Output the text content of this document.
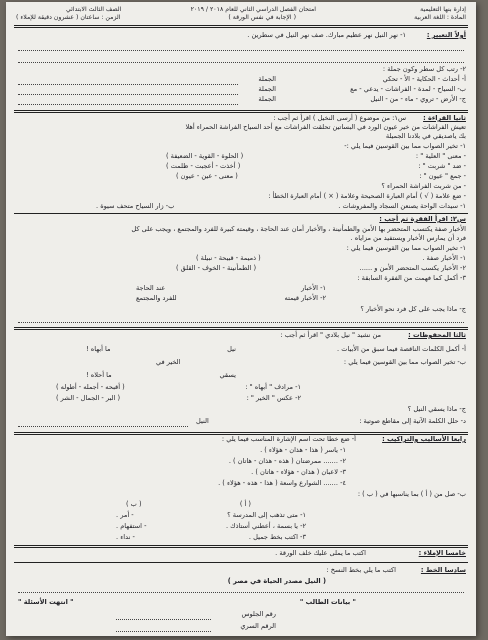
إدارة بنها التعليمية
المادة : اللغة العربية
امتحان الفصل الدراسي الثاني للعام ٢٠١٨ / ٢٠١٩
( الإجابة في نفس الورقة )
الصف الثالث الابتدائي
الزمن : ساعتان ( عشرون دقيقة للإملاء )
أولاً التعبير :
١- نهر النيل نهر عظيم مبارك. صف نهر النيل في سطرين .
٢- رتب كل سطر وكون جملة :
أ- أحداث - الحكاية - الأ - تحكي
ب- السياح - لمدة - الفراشات - يدعي - مع
ج- الأرض - تروي - ماء - من - النيل
الجملة
الجملة
الجملة
ثانيا القراءة :
س١: من موضوع ( أرسى النخيل ) اقرأ ثم أجب :
تعيش الفراشات من خير عيون الورد في البساتين تحلقت الفراشات مع أحد السياح الفراشة الحمراء أهلا
بك ياصديقي في بلادنا الجميلة
١- تخير الصواب مما بين القوسين فيما يلي :-
- معنى " العلية " :
- ضد " شربت " :
- جمع " عيون " :
( الحلوة - القوية - الضعيفة )
( أخذت - أعجبت - ظلمت )
( معنى - عين - عيون )
- من شربت الفراشة الحمراء ؟
- ضع علامة ( √ ) أمام العبارة الصحيحة وعلامة ( × ) أمام العبارة الخطأ :
١- سيدات الواحة يصنعن السجاد والمفروشات .
ب- زار السياح متحف سيوة .
س٢: اقرأ الفقرة ثم أجب :
الأخبار صفة يكتسب المتحضر بها الأمن والطمأنينة ، والأخبار أمان عند الحاجة ، وقيمته كبيرة للفرد والمجتمع ، ويجب على كل
فرد أن يمارس الأخبار ويستفيد من مزاياه .
١- تخير الصواب مما بين القوسين فيما يلي :
١- الأخبار صفة .
( ذميمة - قبيحة - نبيلة )
٢- الأخبار يكسب المتحضر الأمن و ......
( الطمأنينة - الخوف - القلق )
٣- أكمل كما فهمت من الفقرة السابقة :
١- الأخبار
عند الحاجة
٢- الأخبار قيمته
للفرد والمجتمع
ج- ماذا يجب على كل فرد نحو الأخبار ؟
ثالثا المحفوظات :
من نشيد " نيل بلادي " اقرأ ثم أجب :
نيل
ما أبهاه !
الخير في
يسقي
ما أحلاه !
أ- أكمل الكلمات الناقصة فيما سبق من الأبيات .
ب- تخير الصواب مما بين القوسين فيما يلي :
١- مرادف " أبهاه " :
( أقبحه - أجمله - أطوله )
٢- عكس " الخير " :
( البر - الجمال - الشر )
ج- ماذا يسقي النيل ؟
د- حلل الكلمة الآتية إلى مقاطع صوتية :
النيل
رابعا الأساليب والتراكيب :
أ- ضع خطا تحت اسم الإشارة المناسب فيما يلي :
١- ياسر ( هذا - هذان - هؤلاء ) .
٢- ....... ممرضتان ( هذه - هذان - هاتان ) .
٣- لاعبان ( هذان - هؤلاء - هاتان ) .
٤- ....... الشوارع واسعة ( هذا - هذه - هؤلاء ) .
ب- صل من ( أ ) بما يناسبها في ( ب ) :
( أ )
( ب )
١- متى تذهب إلى المدرسة ؟
٢- يا بسمة ، أعطني أستاذك .
٣- اكتب بخط جميل .
- أمر .
- استفهام .
- نداء .
خامسا الإملاء :
اكتب ما يملى عليك خلف الورقة .
سادسا الخط :
اكتب ما يلي بخط النسخ :
( النيل مصدر الحياة في مصر )
" بيانات الطالب "
" انتهت الأسئلة "
رقم الجلوس
الرقم السري
